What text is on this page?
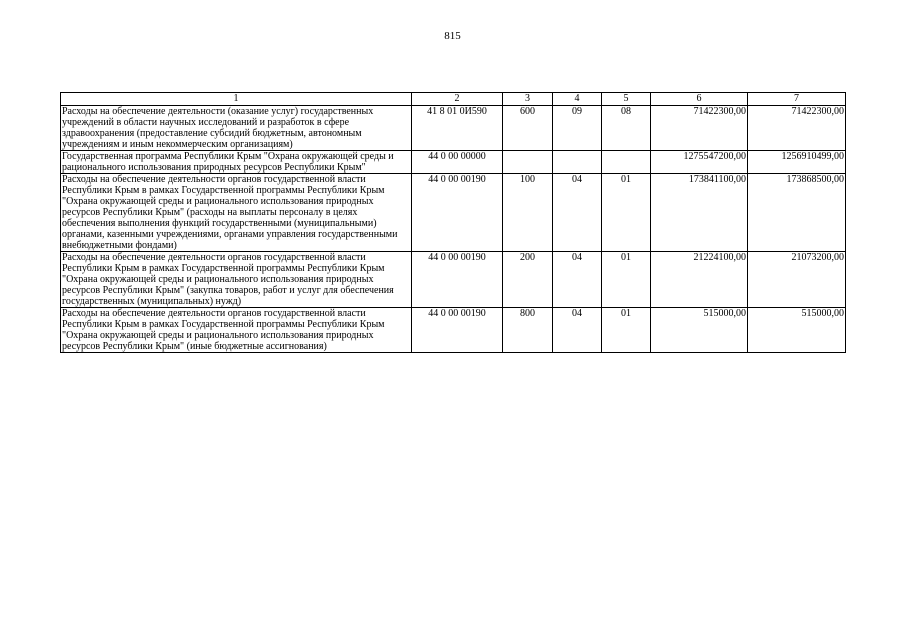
815
1	2	3	4	5	6	7
Расходы на обеспечение деятельности (оказание услуг) государственных учреждений в области научных исследований и разработок в сфере здравоохранения (предоставление субсидий бюджетным, автономным учреждениям и иным некоммерческим организациям)	41 8 01 0И590	600	09	08	71422300,00	71422300,00
Государственная программа Республики Крым "Охрана окружающей среды и рационального использования природных ресурсов Республики Крым"	44 0 00 00000				1275547200,00	1256910499,00
Расходы на обеспечение деятельности органов государственной власти Республики Крым в рамках Государственной программы Республики Крым "Охрана окружающей среды и рационального использования природных ресурсов Республики Крым" (расходы на выплаты персоналу в целях обеспечения выполнения функций государственными (муниципальными) органами, казенными учреждениями, органами управления государственными внебюджетными фондами)	44 0 00 00190	100	04	01	173841100,00	173868500,00
Расходы на обеспечение деятельности органов государственной власти Республики Крым в рамках Государственной программы Республики Крым "Охрана окружающей среды и рационального использования природных ресурсов Республики Крым" (закупка товаров, работ и услуг для обеспечения государственных (муниципальных) нужд)	44 0 00 00190	200	04	01	21224100,00	21073200,00
Расходы на обеспечение деятельности органов государственной власти Республики Крым в рамках Государственной программы Республики Крым "Охрана окружающей среды и рационального использования природных ресурсов Республики Крым" (иные бюджетные ассигнования)	44 0 00 00190	800	04	01	515000,00	515000,00
